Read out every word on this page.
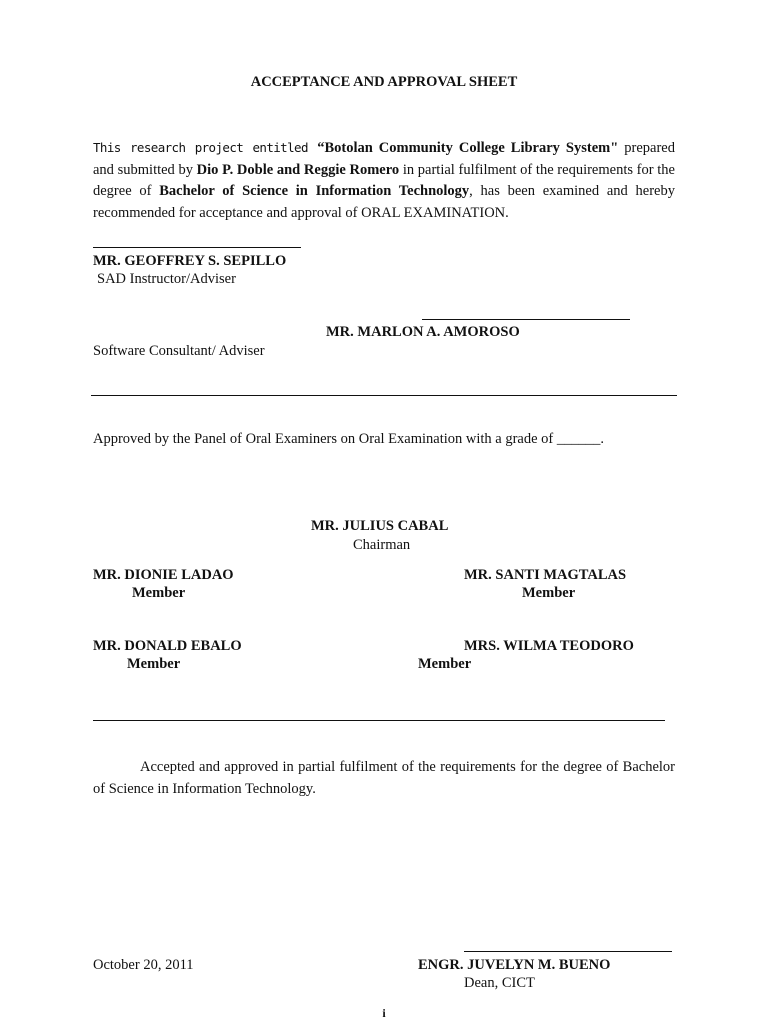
ACCEPTANCE AND APPROVAL SHEET
This research project entitled “Botolan Community College Library System" prepared and submitted by Dio P. Doble and Reggie Romero in partial fulfilment of the requirements for the degree of Bachelor of Science in Information Technology, has been examined and hereby recommended for acceptance and approval of ORAL EXAMINATION.
MR. GEOFFREY S. SEPILLO
SAD Instructor/Adviser
MR. MARLON A. AMOROSO
Software Consultant/ Adviser
Approved by the Panel of Oral Examiners on Oral Examination with a grade of ______.
MR. JULIUS CABAL
Chairman
MR. DIONIE LADAO
Member
MR. SANTI MAGTALAS
Member
MR. DONALD EBALO
Member
MRS. WILMA TEODORO
Member
Accepted and approved in partial fulfilment of the requirements for the degree of Bachelor of Science in Information Technology.
October 20, 2011	ENGR. JUVELYN M. BUENO
Dean, CICT
i
